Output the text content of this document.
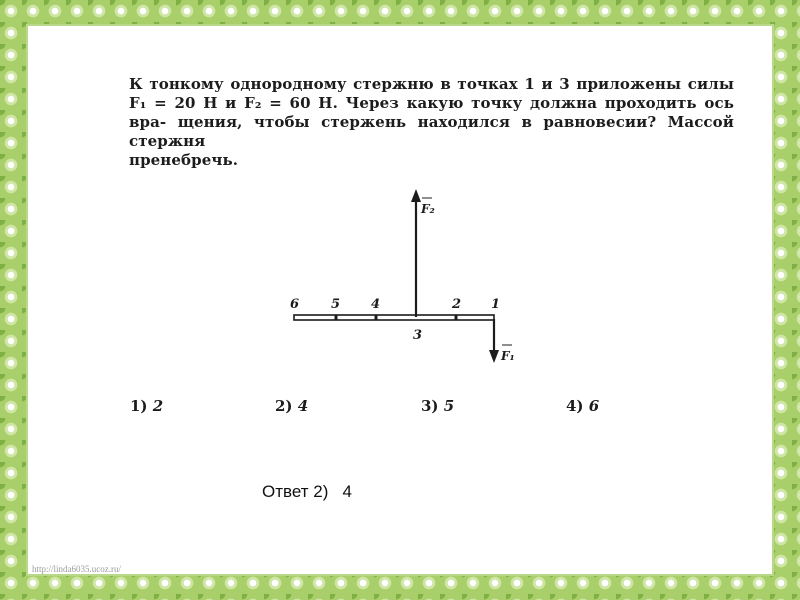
К тонкому однородному стержню в точках 1 и 3 приложены силы F₁ = 20 Н и F₂ = 60 Н. Через какую точку должна проходить ось вра- щения, чтобы стержень находился в равновесии? Массой стержня
пренебречь.

6 5 4	2 1
3
F₂
F₁
1) 2	2) 4	3) 5	4) 6
Ответ 2)   4
http://linda6035.ucoz.ru/
